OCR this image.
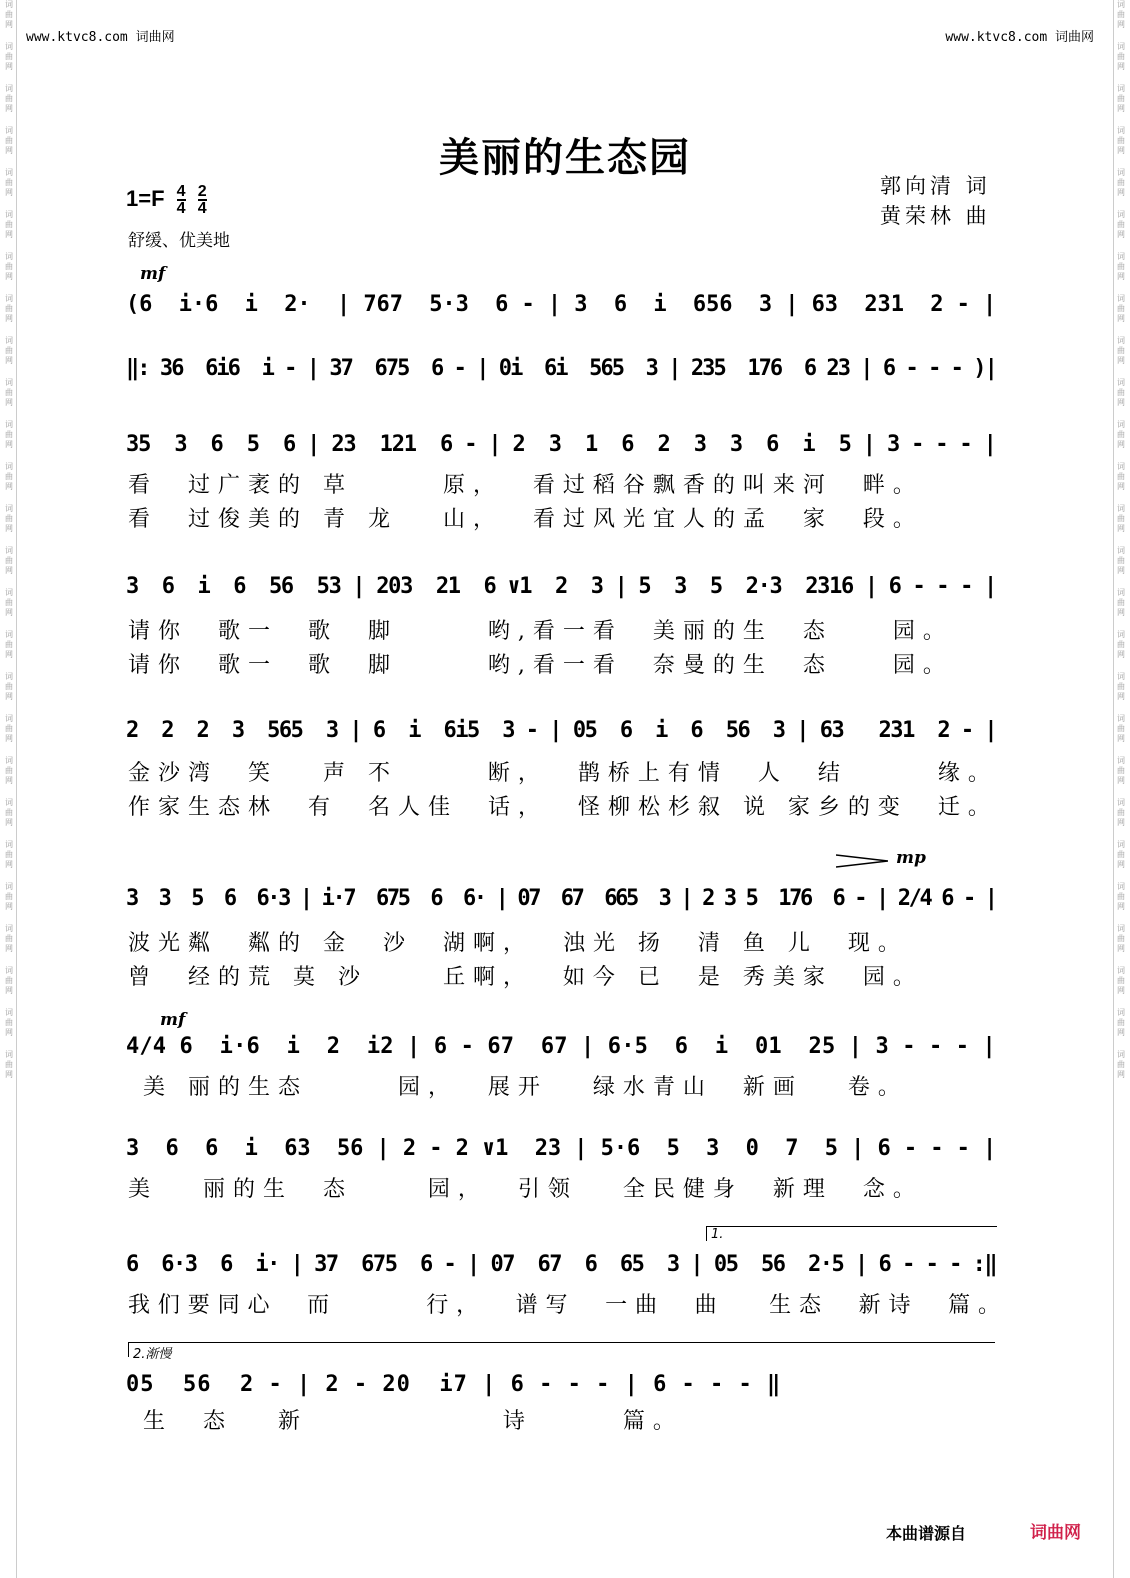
词
曲
网
词
曲
网
词
曲
网
词
曲
网
词
曲
网
词
曲
网
词
曲
网
词
曲
网
词
曲
网
词
曲
网
词
曲
网
词
曲
网
词
曲
网
词
曲
网
词
曲
网
词
曲
网
词
曲
网
词
曲
网
词
曲
网
词
曲
网
词
曲
网
词
曲
网
词
曲
网
词
曲
网
词
曲
网
词
曲
网
词
曲
网
词
曲
网
词
曲
网
词
曲
网
词
曲
网
词
曲
网
词
曲
网
词
曲
网
词
曲
网
词
曲
网
词
曲
网
词
曲
网
词
曲
网
词
曲
网
词
曲
网
词
曲
网
词
曲
网
词
曲
网
词
曲
网
词
曲
网
词
曲
网
词
曲
网
词
曲
网
词
曲
网
词
曲
网
词
曲
网
www.ktvc8.com 词曲网	www.ktvc8.com 词曲网
美丽的生态园
郭向清 词
黄荣林 曲
$1=F \frac{4}{4} \frac{2}{4}$
舒缓、优美地
mf
mp
mf
(6  i·6  i  2·  | 767  5·3  6 - | 3  6  i  656  3 | 63  231  2 - |
‖: 36  6i6  i - | 37  675  6 - | 0i  6i  565  3 | 235  176  6 23 | 6 - - - )|
35  3  6  5  6 | 23  121  6 - | 2  3  1  6  2  3  3  6  i  5 | 3 - - - |
看  过广袤的 草      原，  看过稻谷飘香的叫来河  畔。
看  过俊美的 青 龙   山，  看过风光宜人的孟  家  段。
3  6  i  6  56  53 | 203  21  6 ∨1  2  3 | 5  3  5  2·3  2316 | 6 - - - |
请你  歌一  歌  脚      哟,看一看  美丽的生  态    园。
请你  歌一  歌  脚      哟,看一看  奈曼的生  态    园。
2  2  2  3  565  3 | 6  i  6i5  3 - | 05  6  i  6  56  3 | 63   231  2 - |
金沙湾  笑   声 不      断，  鹊桥上有情  人  结      缘。
作家生态林  有  名人佳  话，  怪柳松杉叙 说 家乡的变  迁。
3  3  5  6  6·3 | i·7  675  6  6· | 07  67  665  3 | 2 3 5  176  6 - | 2/4 6 - |
波光粼  粼的 金  沙  湖啊，  浊光 扬  清 鱼 儿  现。
曾  经的荒 莫 沙     丘啊，  如今 已  是 秀美家  园。
4/4 6  i·6  i  2  i2 | 6 - 67  67 | 6·5  6  i  01  25 | 3 - - - |
美 丽的生态      园，  展开   绿水青山  新画   卷。
3  6  6  i  63  56 | 2 - 2 ∨1  23 | 5·6  5  3  0  7  5 | 6 - - - |
美   丽的生  态     园，  引领   全民健身  新理  念。
1.
6  6·3  6  i· | 37  675  6 - | 07  67  6  65  3 | 05  56  2·5 | 6 - - - :‖
我们要同心  而      行，  谱写  一曲  曲   生态  新诗  篇。
2.渐慢
05  56  2 - | 2 - 20  i7 | 6 - - - | 6 - - - ‖
生  态   新             诗      篇。
本曲谱源自	词曲网
